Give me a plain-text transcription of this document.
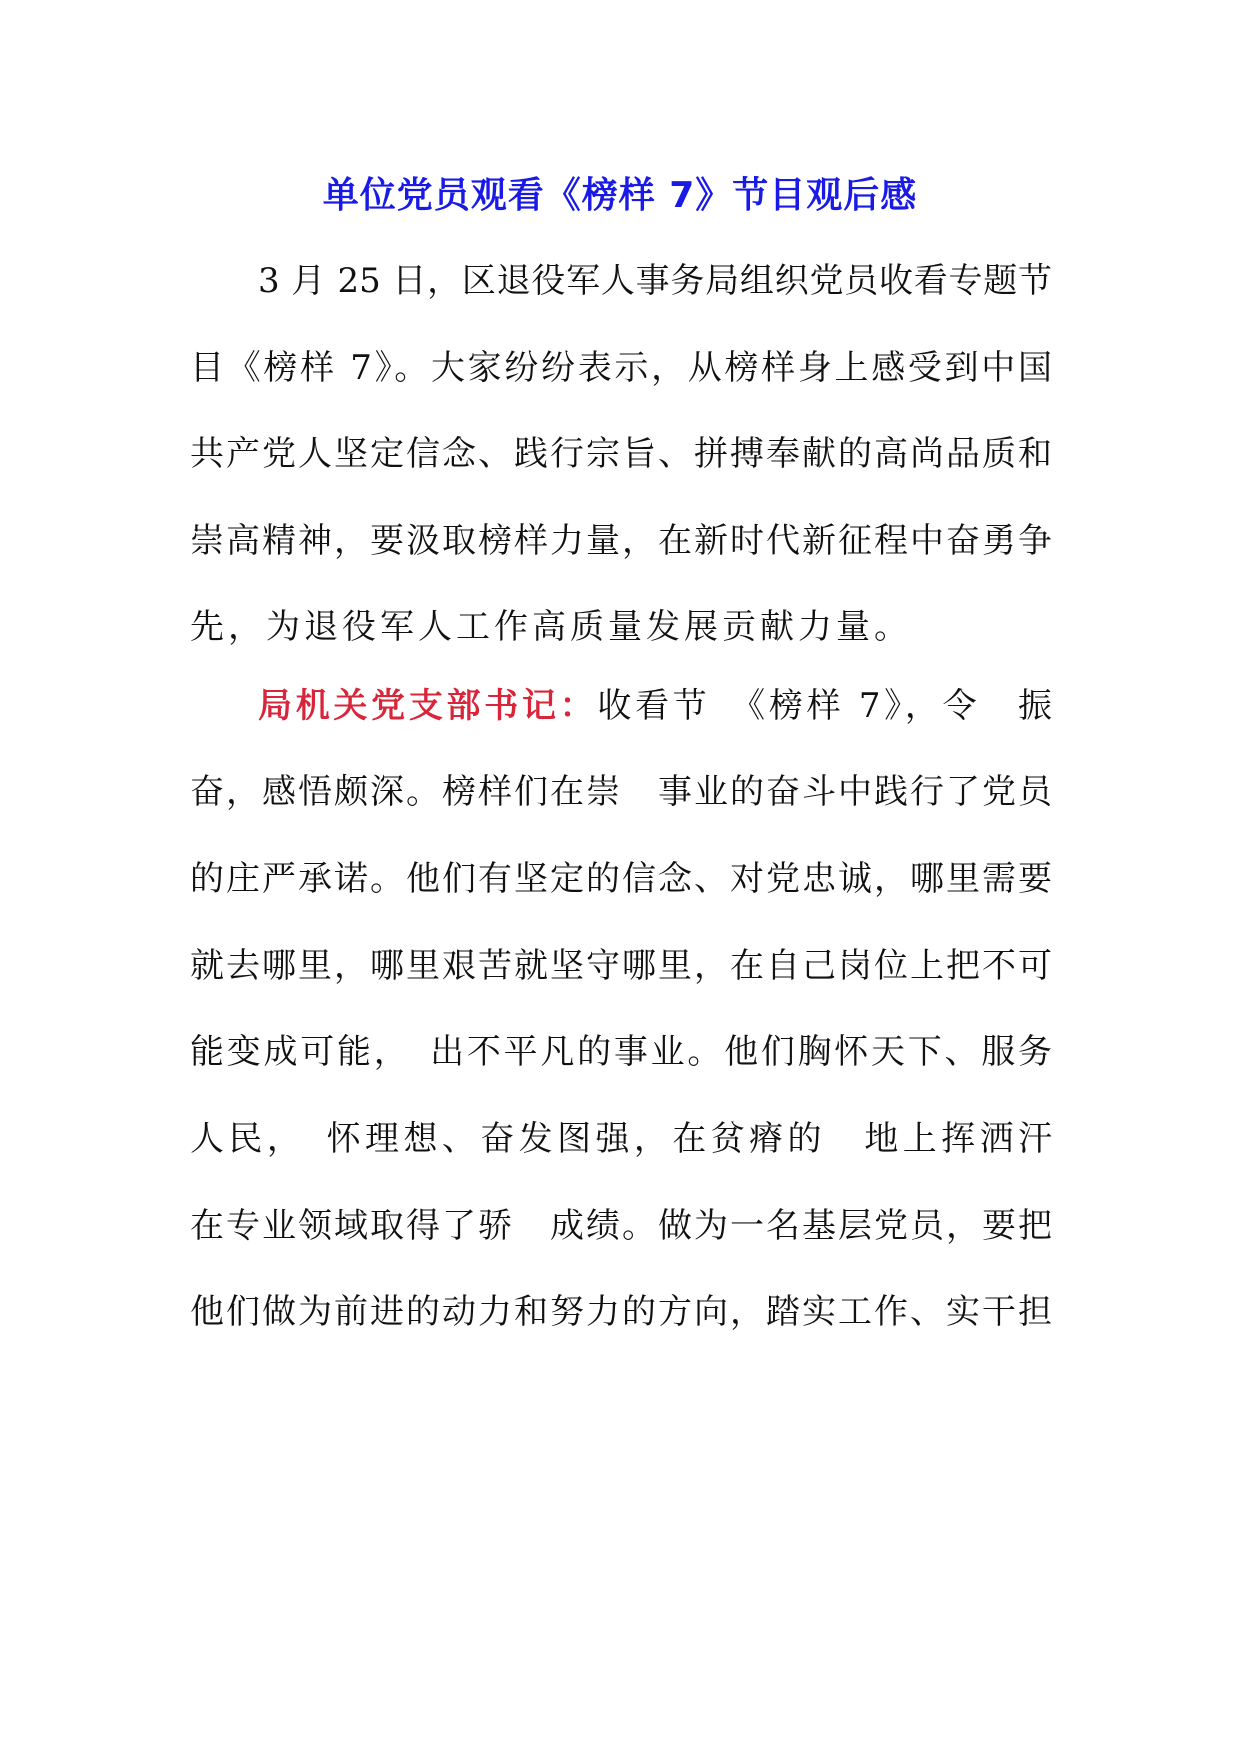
单位党员观看《榜样 7》节目观后感

3 月 25 日，区退役军人事务局组织党员收看专题节

目《榜样 7》。大家纷纷表示，从榜样身上感受到中国

共产党人坚定信念、践行宗旨、拼搏奉献的高尚品质和

崇高精神，要汲取榜样力量，在新时代新征程中奋勇争

先，为退役军人工作高质量发展贡献力量。

局机关党支部书记：收看节　《榜样 7》，令　振

奋，感悟颇深。榜样们在崇　事业的奋斗中践行了党员

的庄严承诺。他们有坚定的信念、对党忠诚，哪里需要

就去哪里，哪里艰苦就坚守哪里，在自己岗位上把不可

能变成可能，　出不平凡的事业。他们胸怀天下、服务

人民，　怀理想、奋发图强，在贫瘠的　地上挥洒汗　

在专业领域取得了骄　成绩。做为一名基层党员，要把

他们做为前进的动力和努力的方向，踏实工作、实干担
